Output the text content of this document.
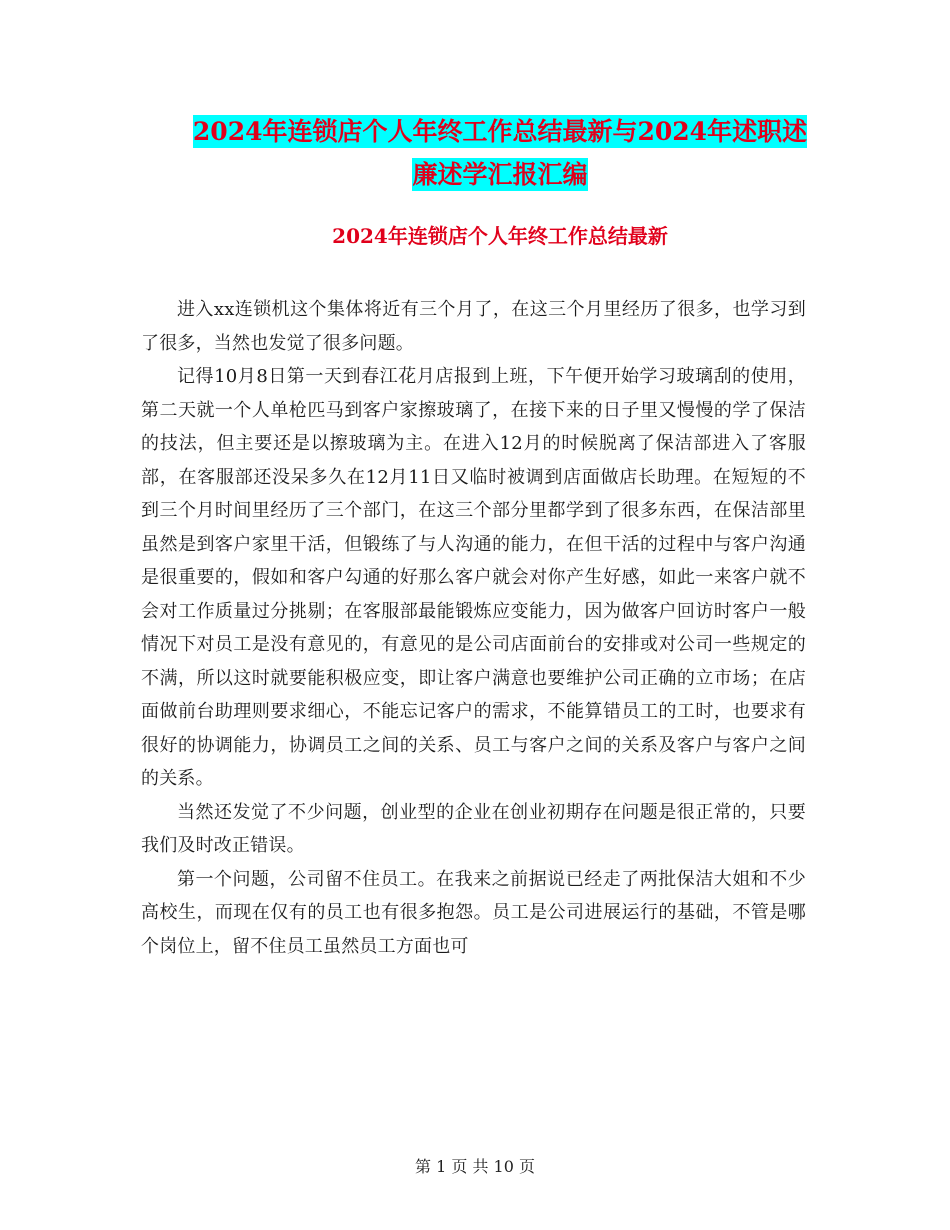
2024年连锁店个人年终工作总结最新与2024年述职述
廉述学汇报汇编
2024年连锁店个人年终工作总结最新

进入xx连锁机这个集体将近有三个月了，在这三个月里经历了很多，也学习到了很多，当然也发觉了很多问题。

记得10月8日第一天到春江花月店报到上班，下午便开始学习玻璃刮的使用，第二天就一个人单枪匹马到客户家擦玻璃了，在接下来的日子里又慢慢的学了保洁的技法，但主要还是以擦玻璃为主。在进入12月的时候脱离了保洁部进入了客服部，在客服部还没呆多久在12月11日又临时被调到店面做店长助理。在短短的不到三个月时间里经历了三个部门，在这三个部分里都学到了很多东西，在保洁部里虽然是到客户家里干活，但锻练了与人沟通的能力，在但干活的过程中与客户沟通是很重要的，假如和客户勾通的好那么客户就会对你产生好感，如此一来客户就不会对工作质量过分挑剔；在客服部最能锻炼应变能力，因为做客户回访时客户一般情况下对员工是没有意见的，有意见的是公司店面前台的安排或对公司一些规定的不满，所以这时就要能积极应变，即让客户满意也要维护公司正确的立市场；在店面做前台助理则要求细心，不能忘记客户的需求，不能算错员工的工时，也要求有很好的协调能力，协调员工之间的关系、员工与客户之间的关系及客户与客户之间的关系。

当然还发觉了不少问题，创业型的企业在创业初期存在问题是很正常的，只要我们及时改正错误。

第一个问题，公司留不住员工。在我来之前据说已经走了两批保洁大姐和不少高校生，而现在仅有的员工也有很多抱怨。员工是公司进展运行的基础，不管是哪个岗位上，留不住员工虽然员工方面也可

第 1 页 共 10 页
